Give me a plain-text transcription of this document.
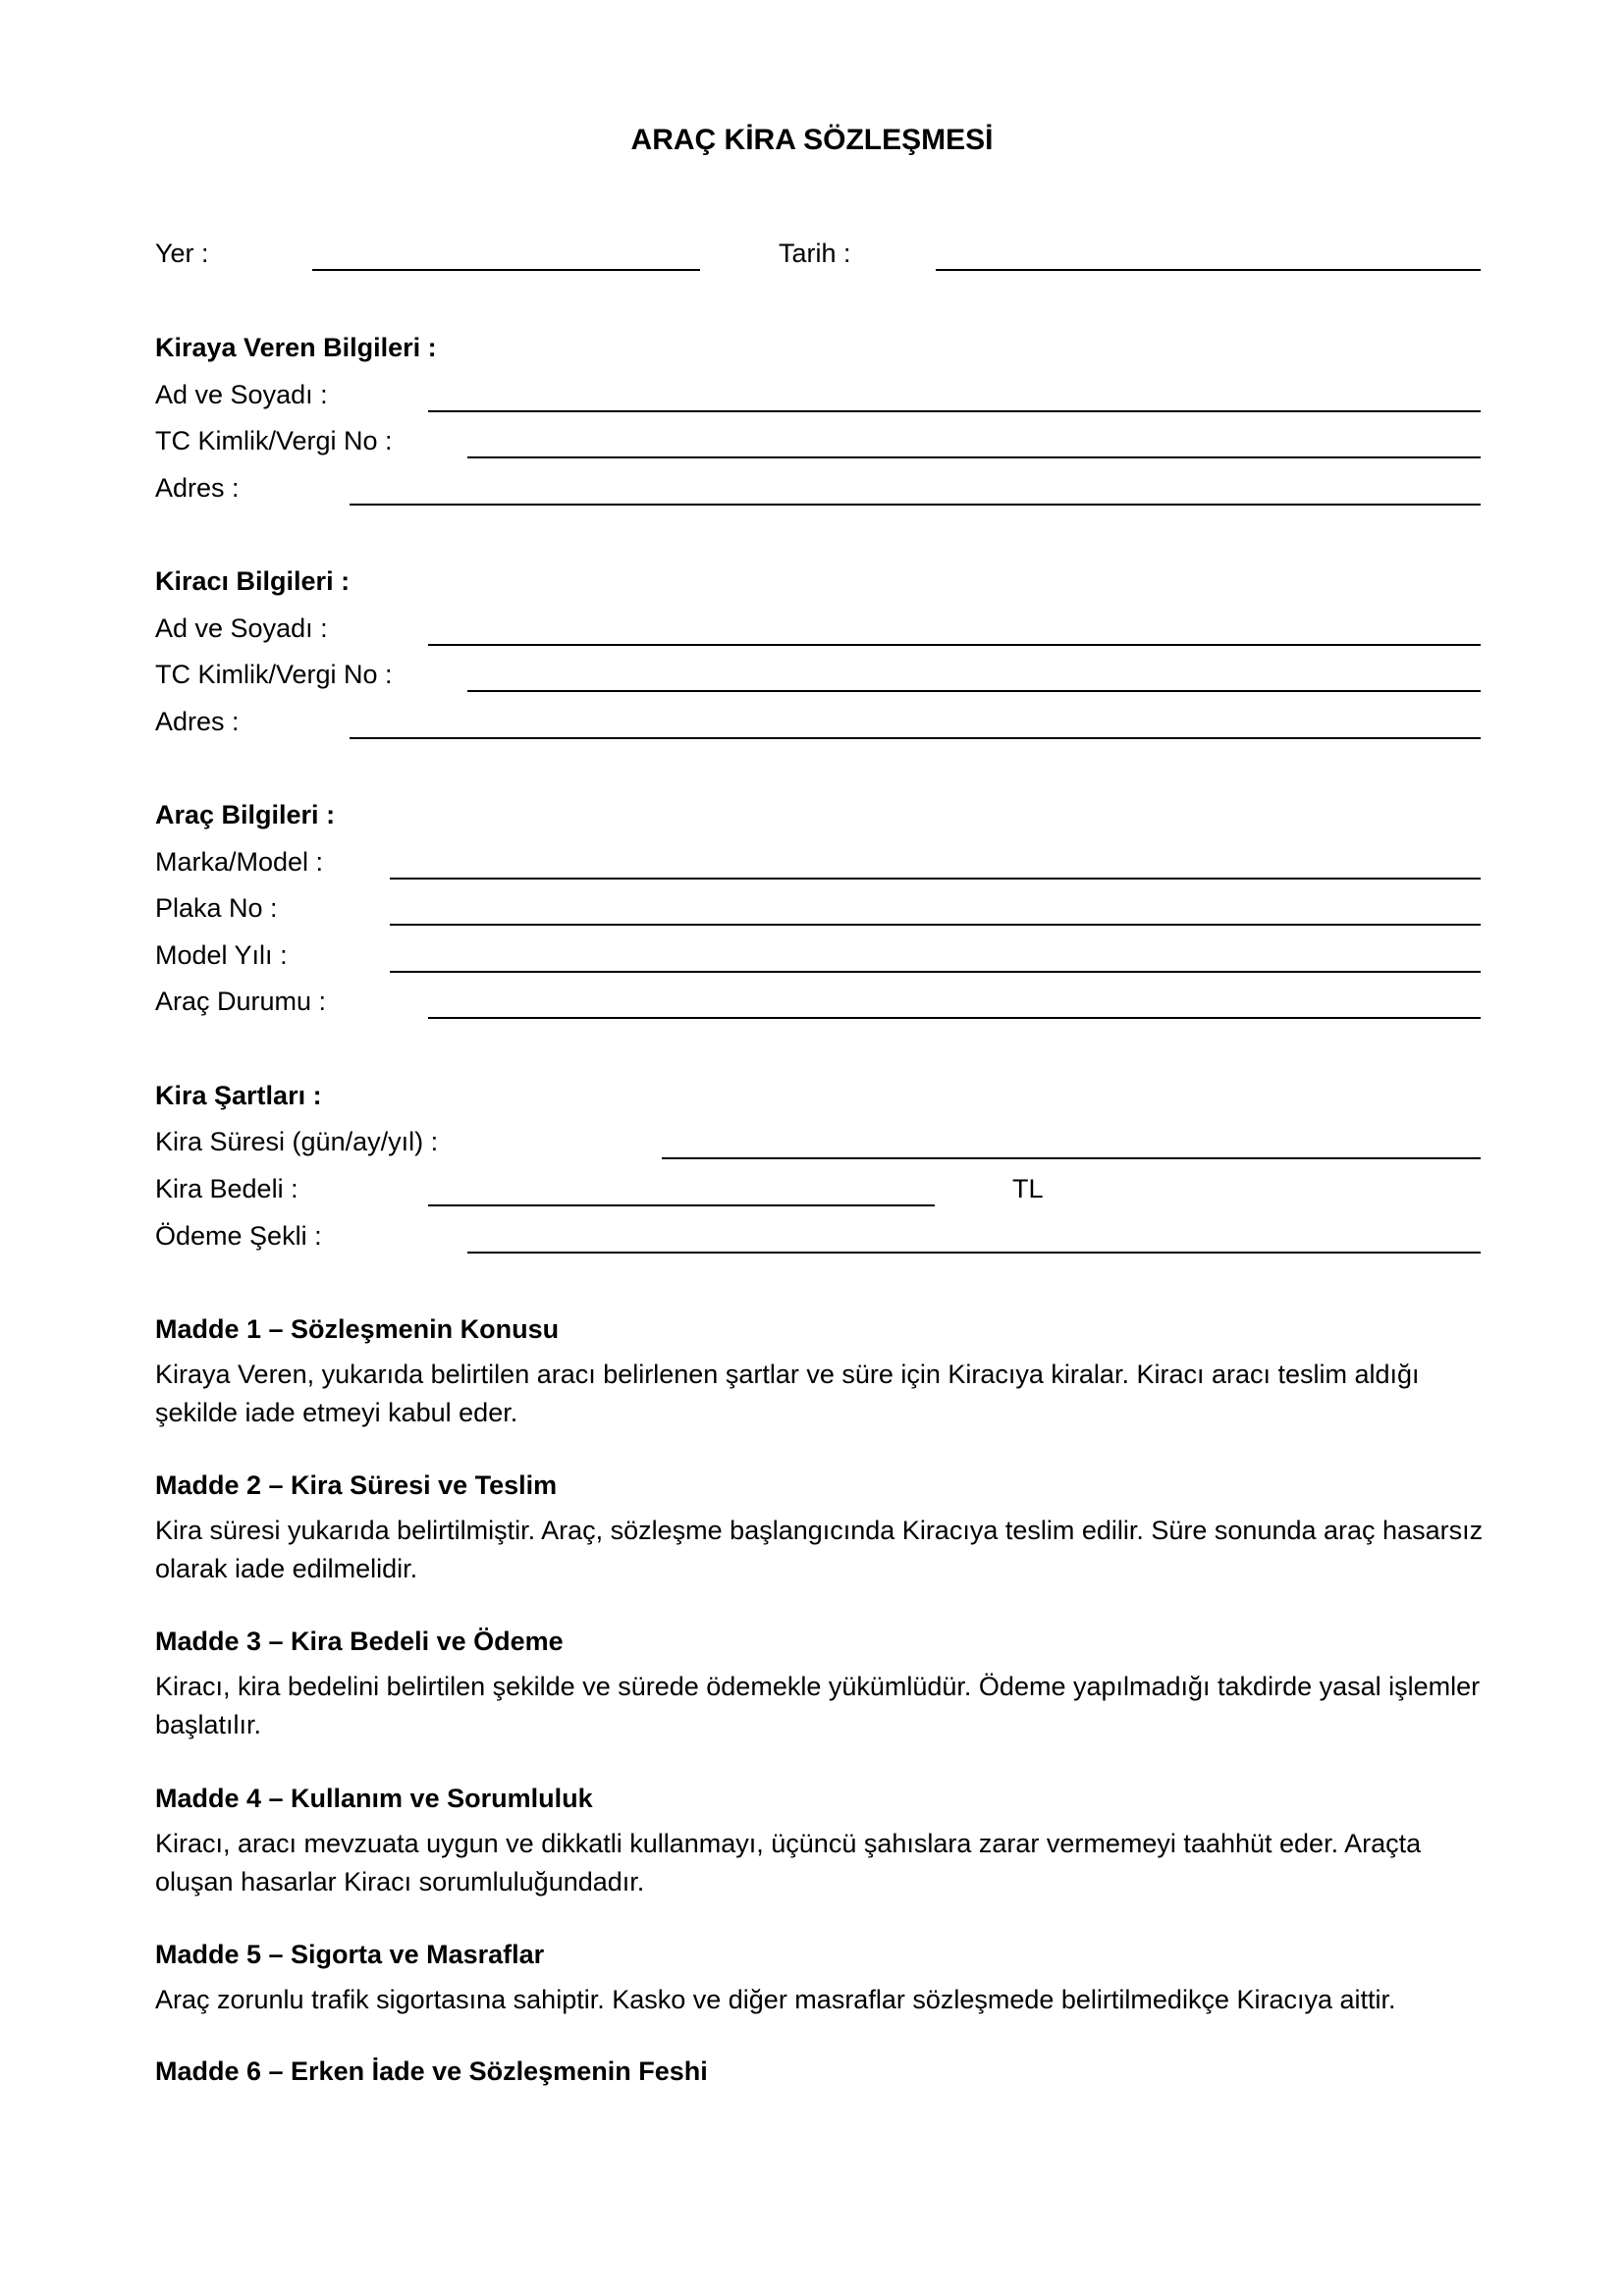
ARAÇ KİRA SÖZLEŞMESİ
Yer :	Tarih :
Kiraya Veren Bilgileri :
Ad ve Soyadı :
TC Kimlik/Vergi No :
Adres :
Kiracı Bilgileri :
Ad ve Soyadı :
TC Kimlik/Vergi No :
Adres :
Araç Bilgileri :
Marka/Model :
Plaka No :
Model Yılı :
Araç Durumu :
Kira Şartları :
Kira Süresi (gün/ay/yıl) :
Kira Bedeli :	TL
Ödeme Şekli :
Madde 1 – Sözleşmenin Konusu
Kiraya Veren, yukarıda belirtilen aracı belirlenen şartlar ve süre için Kiracıya kiralar. Kiracı aracı teslim aldığı şekilde iade etmeyi kabul eder.
Madde 2 – Kira Süresi ve Teslim
Kira süresi yukarıda belirtilmiştir. Araç, sözleşme başlangıcında Kiracıya teslim edilir. Süre sonunda araç hasarsız olarak iade edilmelidir.
Madde 3 – Kira Bedeli ve Ödeme
Kiracı, kira bedelini belirtilen şekilde ve sürede ödemekle yükümlüdür. Ödeme yapılmadığı takdirde yasal işlemler başlatılır.
Madde 4 – Kullanım ve Sorumluluk
Kiracı, aracı mevzuata uygun ve dikkatli kullanmayı, üçüncü şahıslara zarar vermemeyi taahhüt eder. Araçta oluşan hasarlar Kiracı sorumluluğundadır.
Madde 5 – Sigorta ve Masraflar
Araç zorunlu trafik sigortasına sahiptir. Kasko ve diğer masraflar sözleşmede belirtilmedikçe Kiracıya aittir.
Madde 6 – Erken İade ve Sözleşmenin Feshi
